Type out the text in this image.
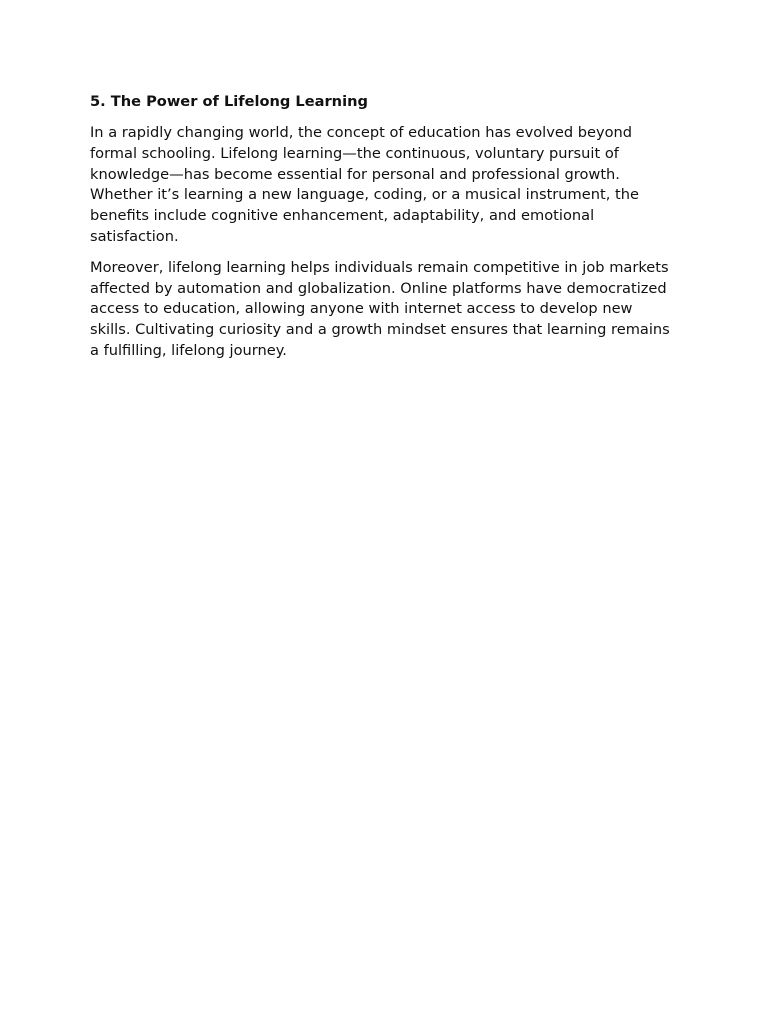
5. The Power of Lifelong Learning

In a rapidly changing world, the concept of education has evolved beyond formal schooling. Lifelong learning—the continuous, voluntary pursuit of knowledge—has become essential for personal and professional growth. Whether it’s learning a new language, coding, or a musical instrument, the benefits include cognitive enhancement, adaptability, and emotional satisfaction.

Moreover, lifelong learning helps individuals remain competitive in job markets affected by automation and globalization. Online platforms have democratized access to education, allowing anyone with internet access to develop new skills. Cultivating curiosity and a growth mindset ensures that learning remains a fulfilling, lifelong journey.
